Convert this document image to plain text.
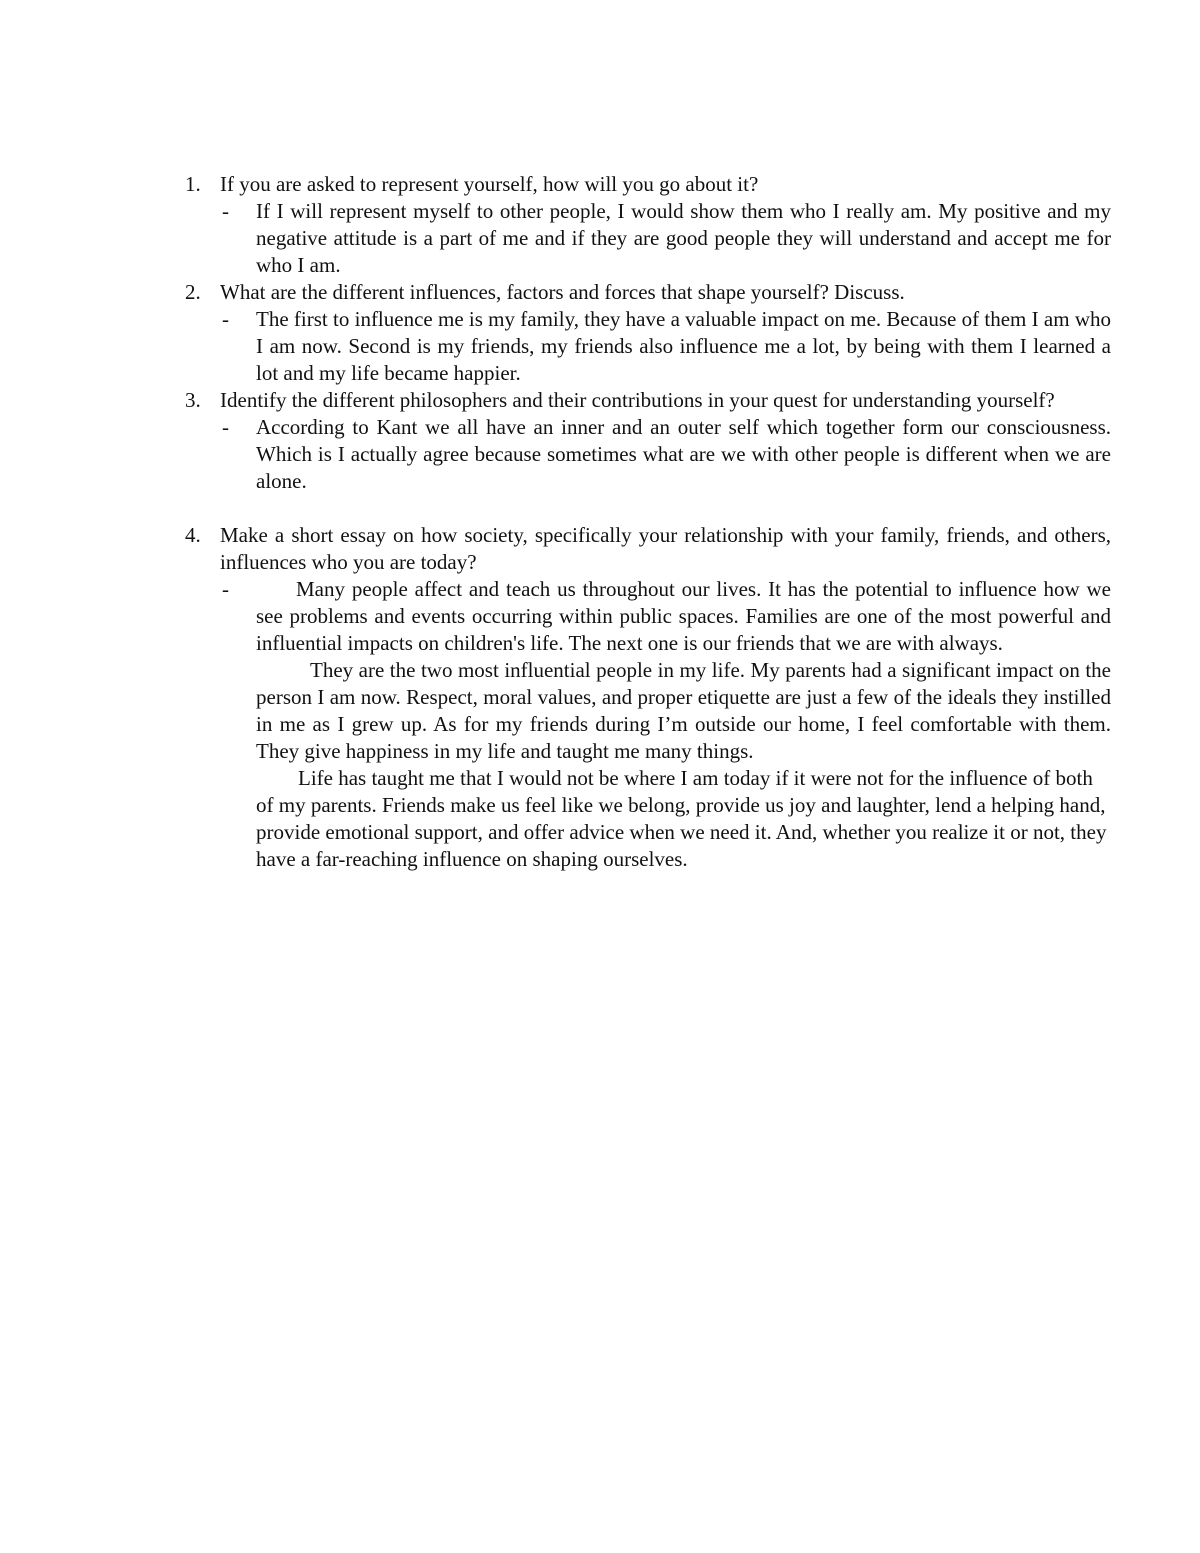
1. If you are asked to represent yourself, how will you go about it?
- If I will represent myself to other people, I would show them who I really am. My positive and my negative attitude is a part of me and if they are good people they will understand and accept me for who I am.

2. What are the different influences, factors and forces that shape yourself? Discuss.
- The first to influence me is my family, they have a valuable impact on me. Because of them I am who I am now. Second is my friends, my friends also influence me a lot, by being with them I learned a lot and my life became happier.

3. Identify the different philosophers and their contributions in your quest for understanding yourself?
- According to Kant we all have an inner and an outer self which together form our consciousness. Which is I actually agree because sometimes what are we with other people is different when we are alone.

4. Make a short essay on how society, specifically your relationship with your family, friends, and others, influences who you are today?
-	Many people affect and teach us throughout our lives. It has the potential to influence how we see problems and events occurring within public spaces. Families are one of the most powerful and influential impacts on children's life. The next one is our friends that we are with always.

They are the two most influential people in my life. My parents had a significant impact on the person I am now. Respect, moral values, and proper etiquette are just a few of the ideals they instilled in me as I grew up. As for my friends during I’m outside our home, I feel comfortable with them. They give happiness in my life and taught me many things.

Life has taught me that I would not be where I am today if it were not for the influence of both of my parents. Friends make us feel like we belong, provide us joy and laughter, lend a helping hand, provide emotional support, and offer advice when we need it. And, whether you realize it or not, they have a far-reaching influence on shaping ourselves.
